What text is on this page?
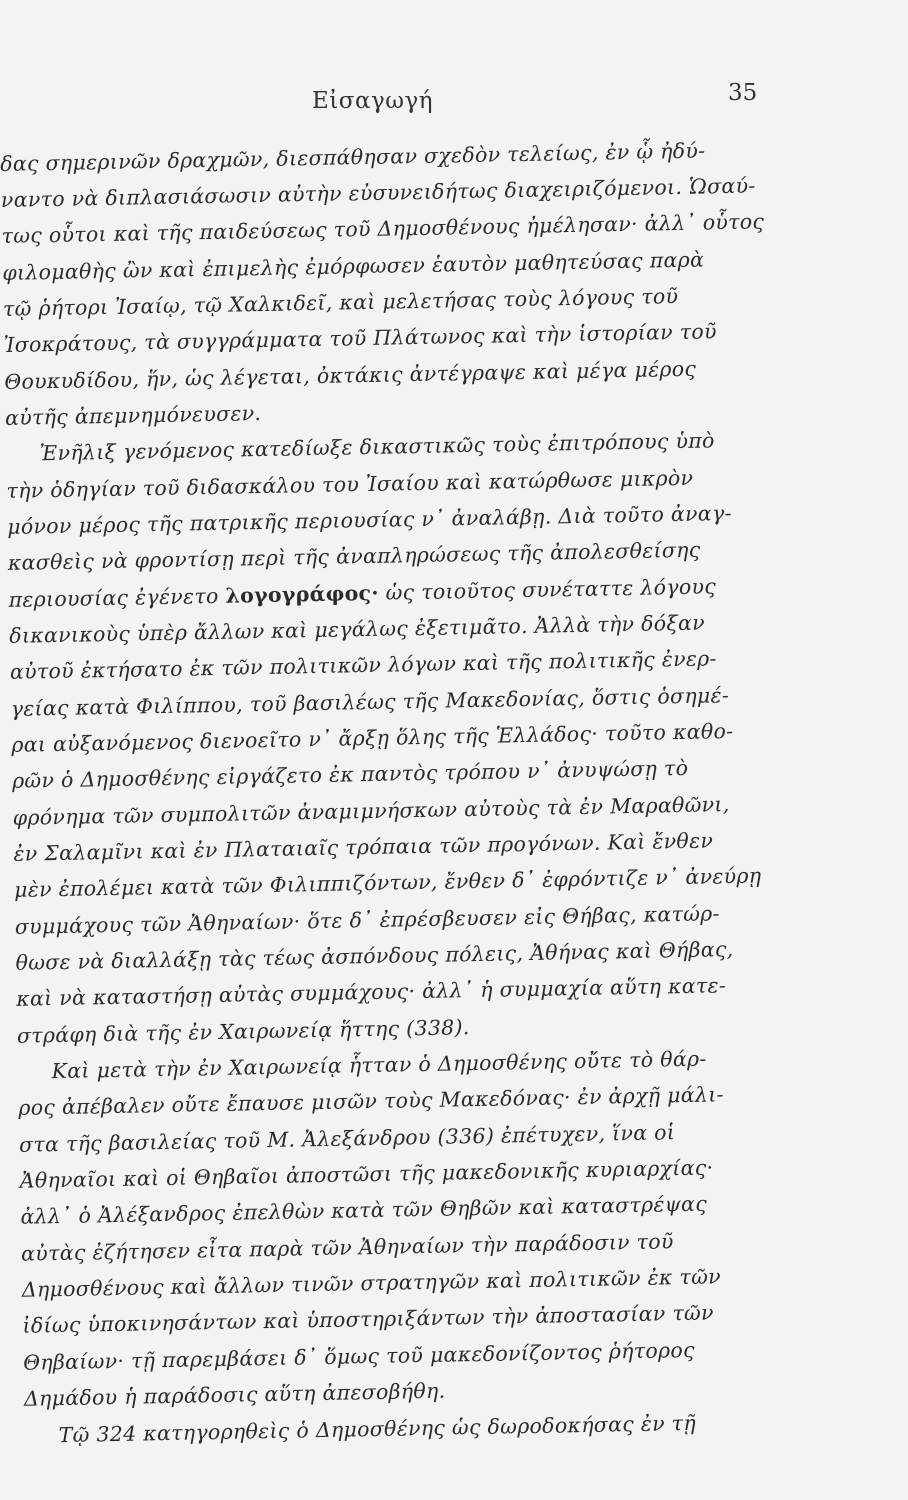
Εἰσαγωγή	35
δας σημερινῶν δραχμῶν, διεσπάθησαν σχεδὸν τελείως, ἐν ᾧ ἠδύ-
ναντο νὰ διπλασιάσωσιν αὐτὴν εὐσυνειδήτως διαχειριζόμενοι. Ὡσαύ-
τως οὗτοι καὶ τῆς παιδεύσεως τοῦ Δημοσθένους ἠμέλησαν· ἀλλ᾽ οὗτος
φιλομαθὴς ὢν καὶ ἐπιμελὴς ἐμόρφωσεν ἑαυτὸν μαθητεύσας παρὰ
τῷ ῥήτορι Ἰσαίῳ, τῷ Χαλκιδεῖ, καὶ μελετήσας τοὺς λόγους τοῦ
Ἰσοκράτους, τὰ συγγράμματα τοῦ Πλάτωνος καὶ τὴν ἱστορίαν τοῦ
Θουκυδίδου, ἥν, ὡς λέγεται, ὀκτάκις ἀντέγραψε καὶ μέγα μέρος
αὐτῆς ἀπεμνημόνευσεν.
Ἐνῆλιξ γενόμενος κατεδίωξε δικαστικῶς τοὺς ἐπιτρόπους ὑπὸ
τὴν ὁδηγίαν τοῦ διδασκάλου του Ἰσαίου καὶ κατώρθωσε μικρὸν
μόνον μέρος τῆς πατρικῆς περιουσίας ν᾽ ἀναλάβῃ. Διὰ τοῦτο ἀναγ-
κασθεὶς νὰ φροντίσῃ περὶ τῆς ἀναπληρώσεως τῆς ἀπολεσθείσης
περιουσίας ἐγένετο λογογράφος· ὡς τοιοῦτος συνέταττε λόγους
δικανικοὺς ὑπὲρ ἄλλων καὶ μεγάλως ἐξετιμᾶτο. Ἀλλὰ τὴν δόξαν
αὐτοῦ ἐκτήσατο ἐκ τῶν πολιτικῶν λόγων καὶ τῆς πολιτικῆς ἐνερ-
γείας κατὰ Φιλίππου, τοῦ βασιλέως τῆς Μακεδονίας, ὅστις ὁσημέ-
ραι αὐξανόμενος διενοεῖτο ν᾽ ἄρξῃ ὅλης τῆς Ἑλλάδος· τοῦτο καθο-
ρῶν ὁ Δημοσθένης εἰργάζετο ἐκ παντὸς τρόπου ν᾽ ἀνυψώσῃ τὸ
φρόνημα τῶν συμπολιτῶν ἀναμιμνήσκων αὐτοὺς τὰ ἐν Μαραθῶνι,
ἐν Σαλαμῖνι καὶ ἐν Πλαταιαῖς τρόπαια τῶν προγόνων. Καὶ ἔνθεν
μὲν ἐπολέμει κατὰ τῶν Φιλιππιζόντων, ἔνθεν δ᾽ ἐφρόντιζε ν᾽ ἀνεύρῃ
συμμάχους τῶν Ἀθηναίων· ὅτε δ᾽ ἐπρέσβευσεν εἰς Θήβας, κατώρ-
θωσε νὰ διαλλάξῃ τὰς τέως ἀσπόνδους πόλεις, Ἀθήνας καὶ Θήβας,
καὶ νὰ καταστήσῃ αὐτὰς συμμάχους· ἀλλ᾽ ἡ συμμαχία αὕτη κατε-
στράφη διὰ τῆς ἐν Χαιρωνείᾳ ἥττης (338).
Καὶ μετὰ τὴν ἐν Χαιρωνείᾳ ἧτταν ὁ Δημοσθένης οὔτε τὸ θάρ-
ρος ἀπέβαλεν οὔτε ἔπαυσε μισῶν τοὺς Μακεδόνας· ἐν ἀρχῇ μάλι-
στα τῆς βασιλείας τοῦ Μ. Ἀλεξάνδρου (336) ἐπέτυχεν, ἵνα οἱ
Ἀθηναῖοι καὶ οἱ Θηβαῖοι ἀποστῶσι τῆς μακεδονικῆς κυριαρχίας·
ἀλλ᾽ ὁ Ἀλέξανδρος ἐπελθὼν κατὰ τῶν Θηβῶν καὶ καταστρέψας
αὐτὰς ἐζήτησεν εἶτα παρὰ τῶν Ἀθηναίων τὴν παράδοσιν τοῦ
Δημοσθένους καὶ ἄλλων τινῶν στρατηγῶν καὶ πολιτικῶν ἐκ τῶν
ἰδίως ὑποκινησάντων καὶ ὑποστηριξάντων τὴν ἀποστασίαν τῶν
Θηβαίων· τῇ παρεμβάσει δ᾽ ὅμως τοῦ μακεδονίζοντος ῥήτορος
Δημάδου ἡ παράδοσις αὕτη ἀπεσοβήθη.
Τῷ 324 κατηγορηθεὶς ὁ Δημοσθένης ὡς δωροδοκήσας ἐν τῇ
